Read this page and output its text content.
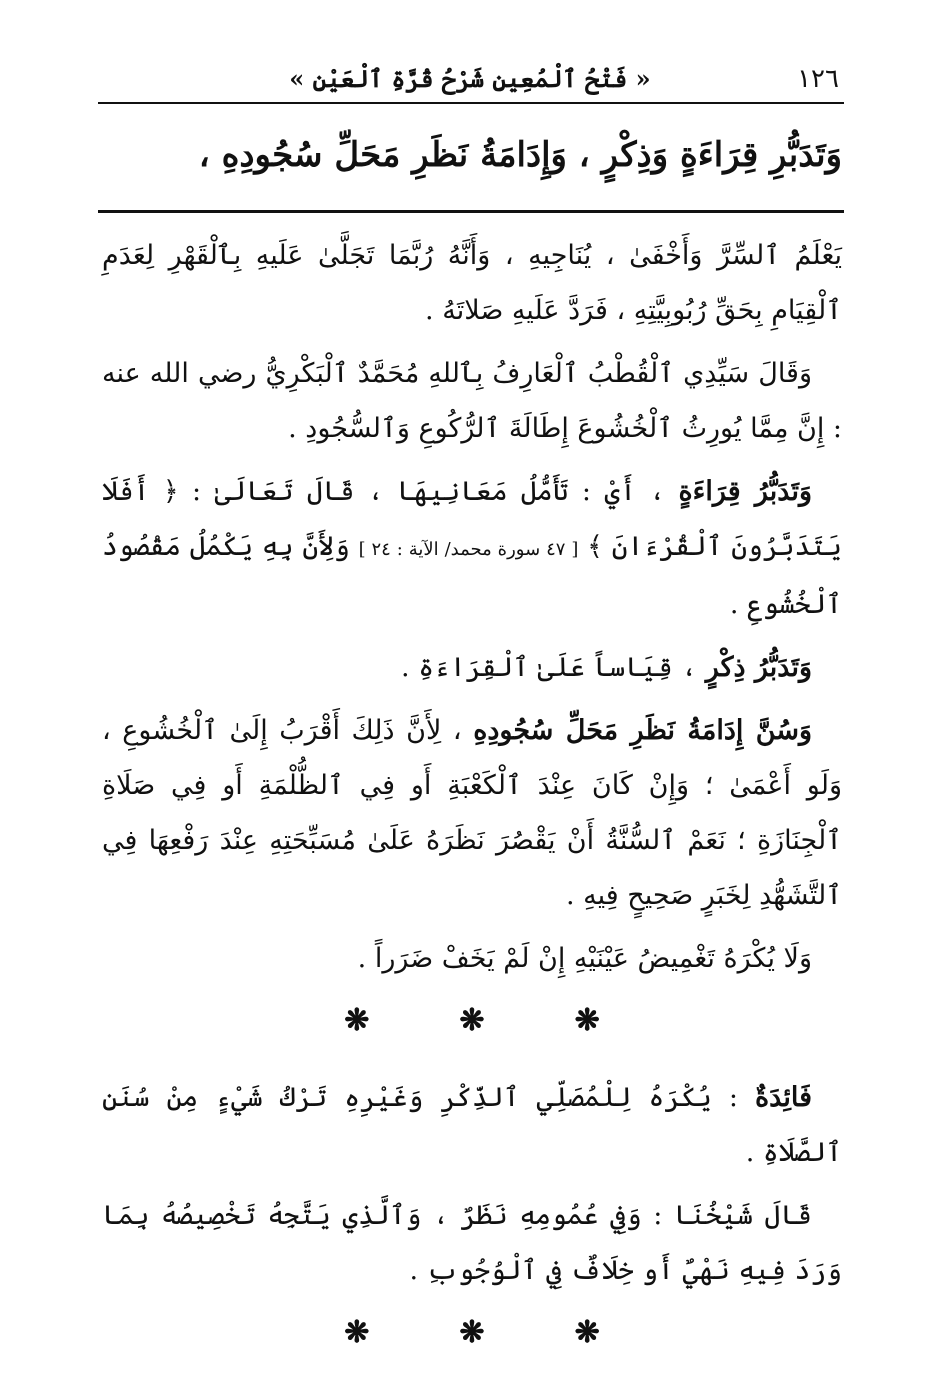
« فَتْحُ ٱلْمُعِينِ شَرْحُ قُرَّةِ ٱلْعَيْنِ »	١٢٦
وَتَدَبُّرِ قِرَاءَةٍ وَذِكْرٍ ، وَإِدَامَةُ نَظَرِ مَحَلِّ سُجُودِهِ ،

يَعْلَمُ ٱلسِّرَّ وَأَخْفَىٰ ، يُنَاجِيهِ ، وَأَنَّهُ رُبَّمَا تَجَلَّىٰ عَلَيهِ بِٱلْقَهْرِ لِعَدَمِ ٱلْقِيَامِ بِحَقِّ رُبُوبِيَّتِهِ ، فَرَدَّ عَلَيهِ صَلاتَهُ .

وَقَالَ سَيِّدِي ٱلْقُطْبُ ٱلْعَارِفُ بِٱللهِ مُحَمَّدٌ ٱلْبَكْرِيُّ رضي الله عنه : إِنَّ مِمَّا يُورِثُ ٱلْخُشُوعَ إِطَالَةَ ٱلرُّكُوعِ وَٱلسُّجُودِ .

وَتَدَبُّرُ قِرَاءَةٍ ، أَيْ : تَأَمُّلُ مَعَانِيهَا ، قَالَ تَعَالَىٰ : ﴿ أَفَلَا يَتَدَبَّرُونَ ٱلْقُرْءَانَ ﴾ [ ٤٧ سورة محمد/ الآية : ٢٤ ] وَلِأَنَّ بِهِ يَكْمُلُ مَقْصُودُ ٱلْخُشُوعِ .

وَتَدَبُّرُ ذِكْرٍ ، قِيَاساً عَلَىٰ ٱلْقِرَاءَةِ .

وَسُنَّ إِدَامَةُ نَظَرِ مَحَلِّ سُجُودِهِ ، لِأَنَّ ذَلِكَ أَقْرَبُ إِلَىٰ ٱلْخُشُوعِ ، وَلَو أَعْمَىٰ ؛ وَإِنْ كَانَ عِنْدَ ٱلْكَعْبَةِ أَو فِي ٱلظُّلْمَةِ أَو فِي صَلَاةِ ٱلْجِنَازَةِ ؛ نَعَمْ ٱلسُّنَّةُ أَنْ يَقْصُرَ نَظَرَهُ عَلَىٰ مُسَبِّحَتِهِ عِنْدَ رَفْعِهَا فِي ٱلتَّشَهُّدِ لِخَبَرٍ صَحِيحٍ فِيهِ .

وَلَا يُكْرَهُ تَغْمِيضُ عَيْنَيْهِ إِنْ لَمْ يَخَفْ ضَرَراً .

❋	❋	❋

فَائِدَةٌ : يُكْرَهُ لِلْمُصَلِّي ٱلذِّكْرِ وَغَيْرِهِ تَرْكُ شَيْءٍ مِنْ سُنَنِ ٱلصَّلَاةِ .

قَالَ شَيْخُنَا : وَفِي عُمُومِهِ نَظَرٌ ، وَٱلَّذِي يَتَّجِهُ تَخْصِيصُهُ بِمَا وَرَدَ فِيهِ نَهْيٌ أَو خِلَافٌ فِي ٱلْوُجُوبِ .

❋	❋	❋
